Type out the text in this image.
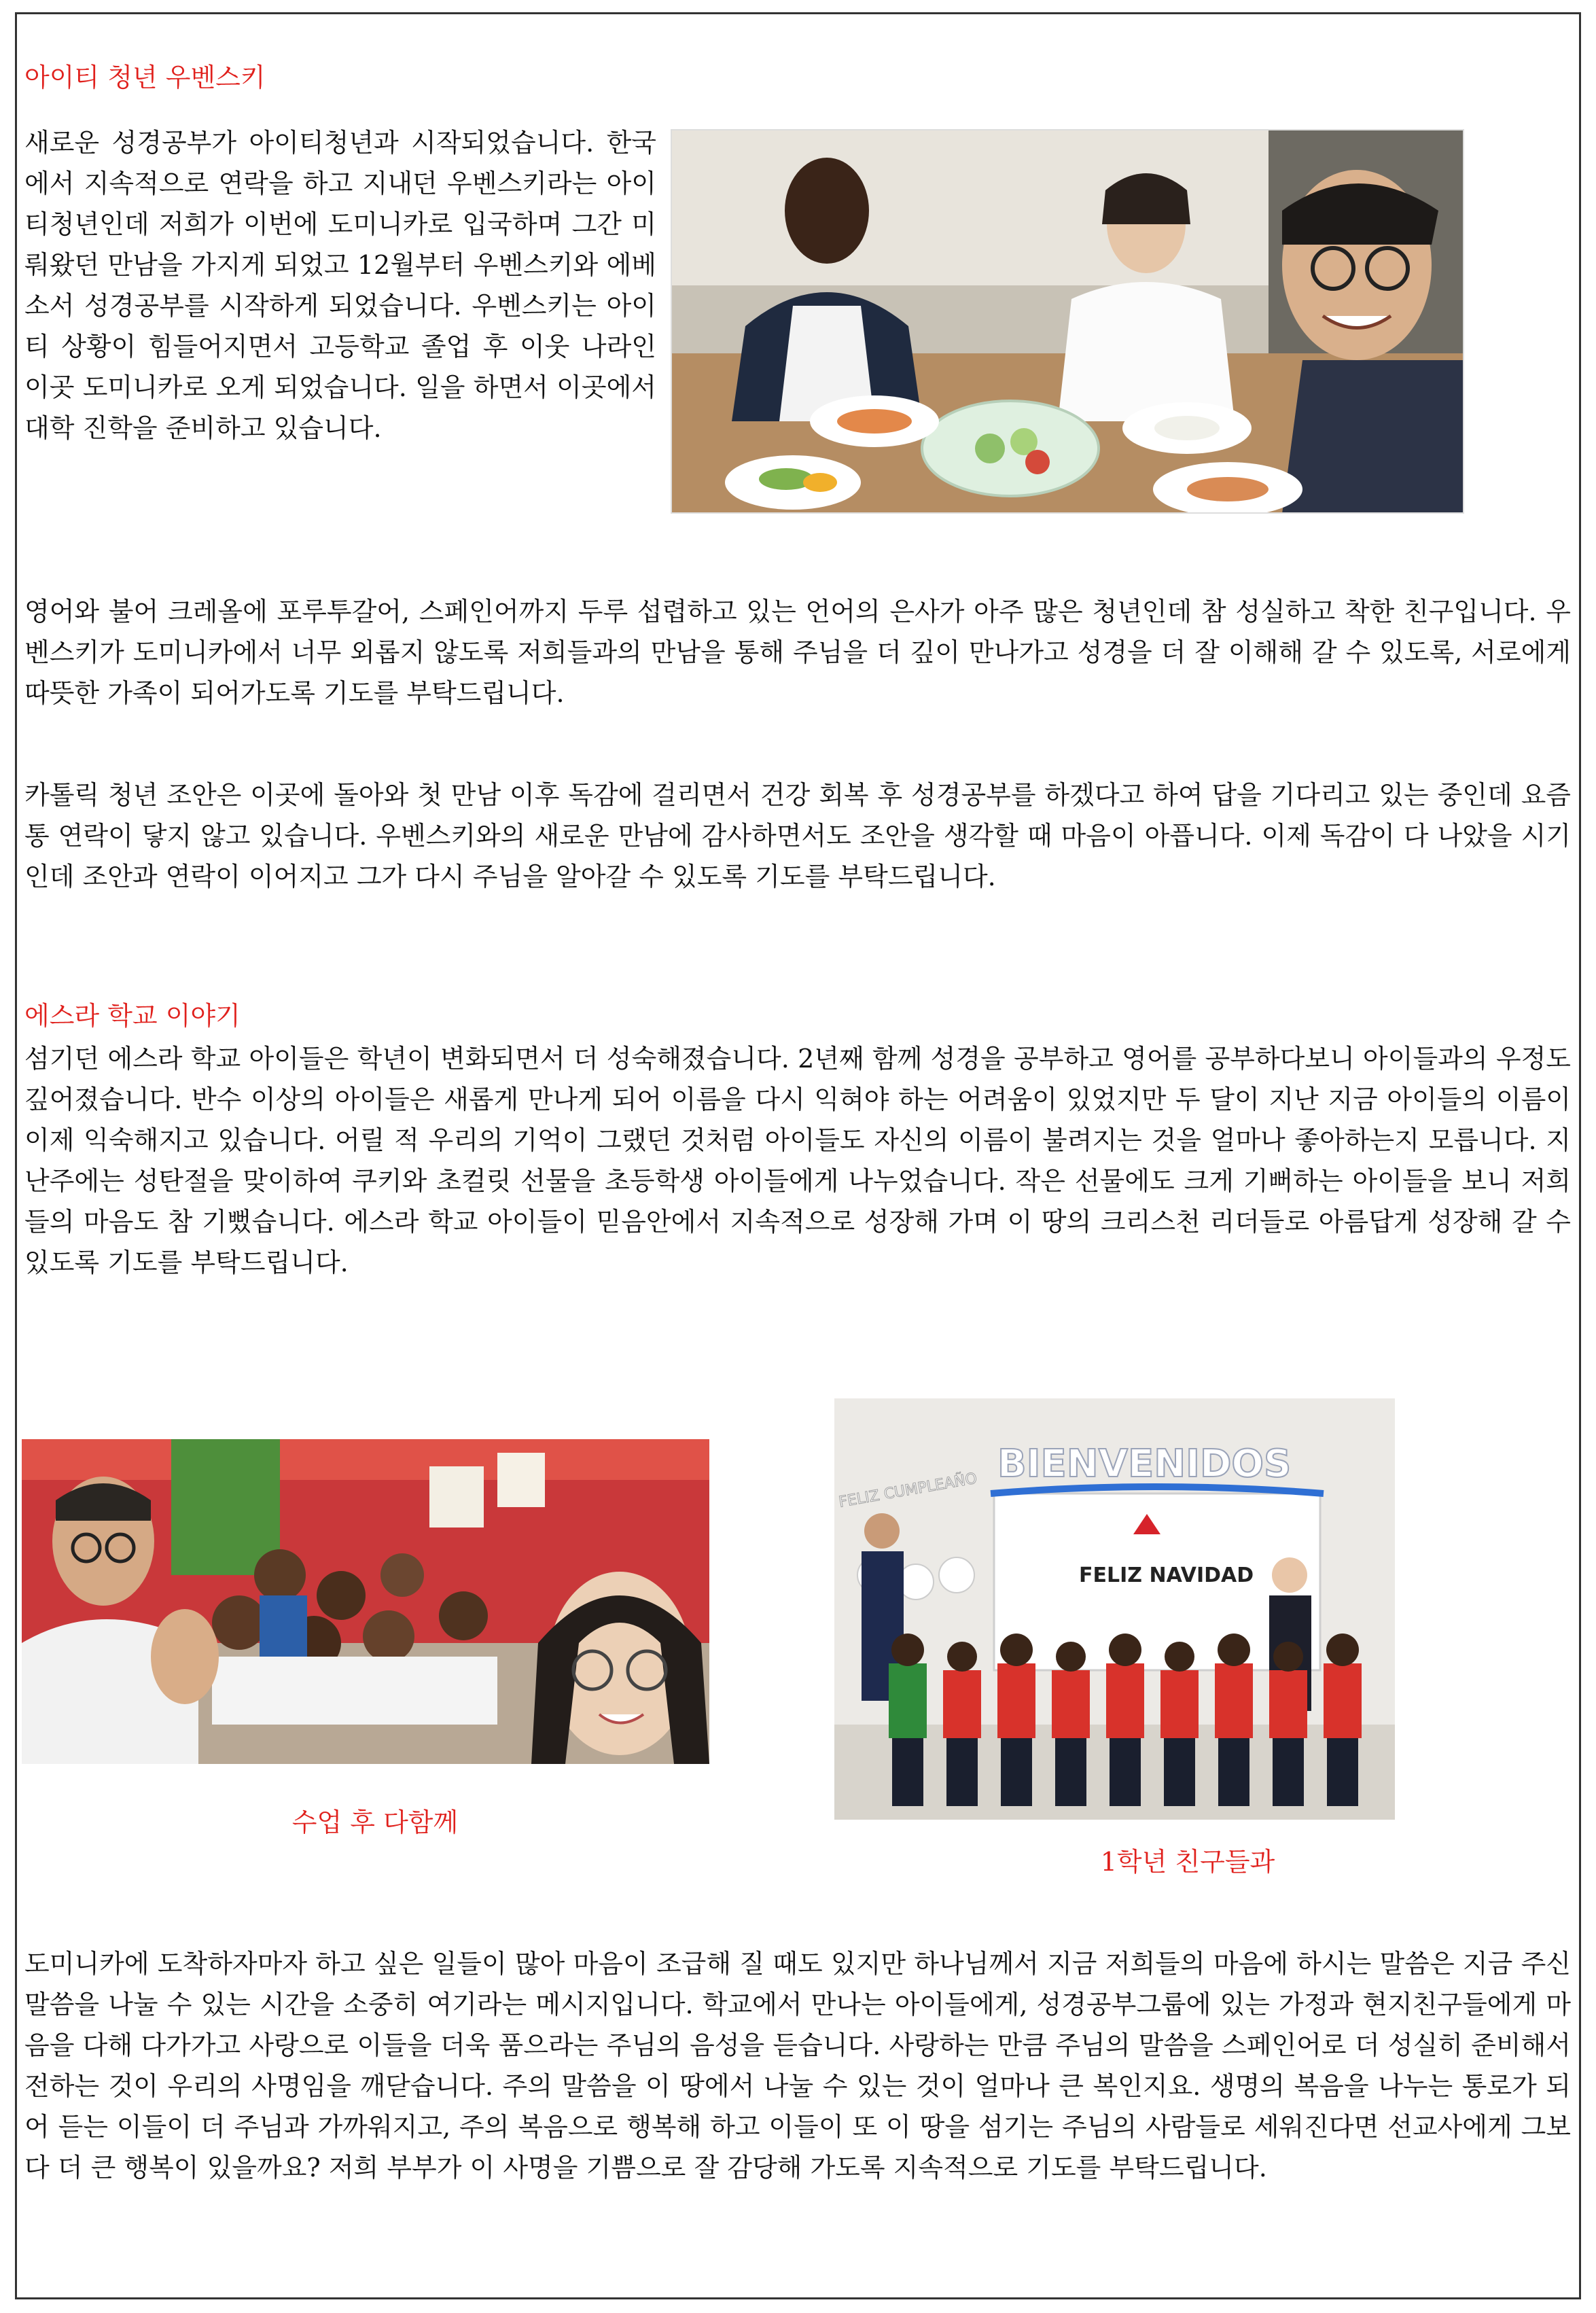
아이티 청년 우벤스키
새로운 성경공부가 아이티청년과 시작되었습니다. 한국에서 지속적으로 연락을 하고 지내던 우벤스키라는 아이티청년인데 저희가 이번에 도미니카로 입국하며 그간 미뤄왔던 만남을 가지게 되었고 12월부터 우벤스키와 에베소서 성경공부를 시작하게 되었습니다. 우벤스키는 아이티 상황이 힘들어지면서 고등학교 졸업 후 이웃 나라인 이곳 도미니카로 오게 되었습니다. 일을 하면서 이곳에서 대학 진학을 준비하고 있습니다.
영어와 불어 크레올에 포루투갈어, 스페인어까지 두루 섭렵하고 있는 언어의 은사가 아주 많은 청년인데 참 성실하고 착한 친구입니다. 우벤스키가 도미니카에서 너무 외롭지 않도록 저희들과의 만남을 통해 주님을 더 깊이 만나가고 성경을 더 잘 이해해 갈 수 있도록, 서로에게 따뜻한 가족이 되어가도록 기도를 부탁드립니다.
카톨릭 청년 조안은 이곳에 돌아와 첫 만남 이후 독감에 걸리면서 건강 회복 후 성경공부를 하겠다고 하여 답을 기다리고 있는 중인데 요즘 통 연락이 닿지 않고 있습니다. 우벤스키와의 새로운 만남에 감사하면서도 조안을 생각할 때 마음이 아픕니다. 이제 독감이 다 나았을 시기인데 조안과 연락이 이어지고 그가 다시 주님을 알아갈 수 있도록 기도를 부탁드립니다.
에스라 학교 이야기
섬기던 에스라 학교 아이들은 학년이 변화되면서 더 성숙해졌습니다. 2년째 함께 성경을 공부하고 영어를 공부하다보니 아이들과의 우정도 깊어졌습니다. 반수 이상의 아이들은 새롭게 만나게 되어 이름을 다시 익혀야 하는 어려움이 있었지만 두 달이 지난 지금 아이들의 이름이 이제 익숙해지고 있습니다. 어릴 적 우리의 기억이 그랬던 것처럼 아이들도 자신의 이름이 불려지는 것을 얼마나 좋아하는지 모릅니다. 지난주에는 성탄절을 맞이하여 쿠키와 초컬릿 선물을 초등학생 아이들에게 나누었습니다. 작은 선물에도 크게 기뻐하는 아이들을 보니 저희들의 마음도 참 기뻤습니다. 에스라 학교 아이들이 믿음안에서 지속적으로 성장해 가며 이 땅의 크리스천 리더들로 아름답게 성장해 갈 수 있도록 기도를 부탁드립니다.
수업 후 다함께
BIENVENIDOS
FELIZ CUMPLEAÑO
FELIZ NAVIDAD
1학년 친구들과
도미니카에 도착하자마자 하고 싶은 일들이 많아 마음이 조급해 질 때도 있지만 하나님께서 지금 저희들의 마음에 하시는 말씀은 지금 주신 말씀을 나눌 수 있는 시간을 소중히 여기라는 메시지입니다. 학교에서 만나는 아이들에게, 성경공부그룹에 있는 가정과 현지친구들에게 마음을 다해 다가가고 사랑으로 이들을 더욱 품으라는 주님의 음성을 듣습니다. 사랑하는 만큼 주님의 말씀을 스페인어로 더 성실히 준비해서 전하는 것이 우리의 사명임을 깨닫습니다. 주의 말씀을 이 땅에서 나눌 수 있는 것이 얼마나 큰 복인지요. 생명의 복음을 나누는 통로가 되어 듣는 이들이 더 주님과 가까워지고, 주의 복음으로 행복해 하고 이들이 또 이 땅을 섬기는 주님의 사람들로 세워진다면 선교사에게 그보다 더 큰 행복이 있을까요? 저희 부부가 이 사명을 기쁨으로 잘 감당해 가도록 지속적으로 기도를 부탁드립니다.
